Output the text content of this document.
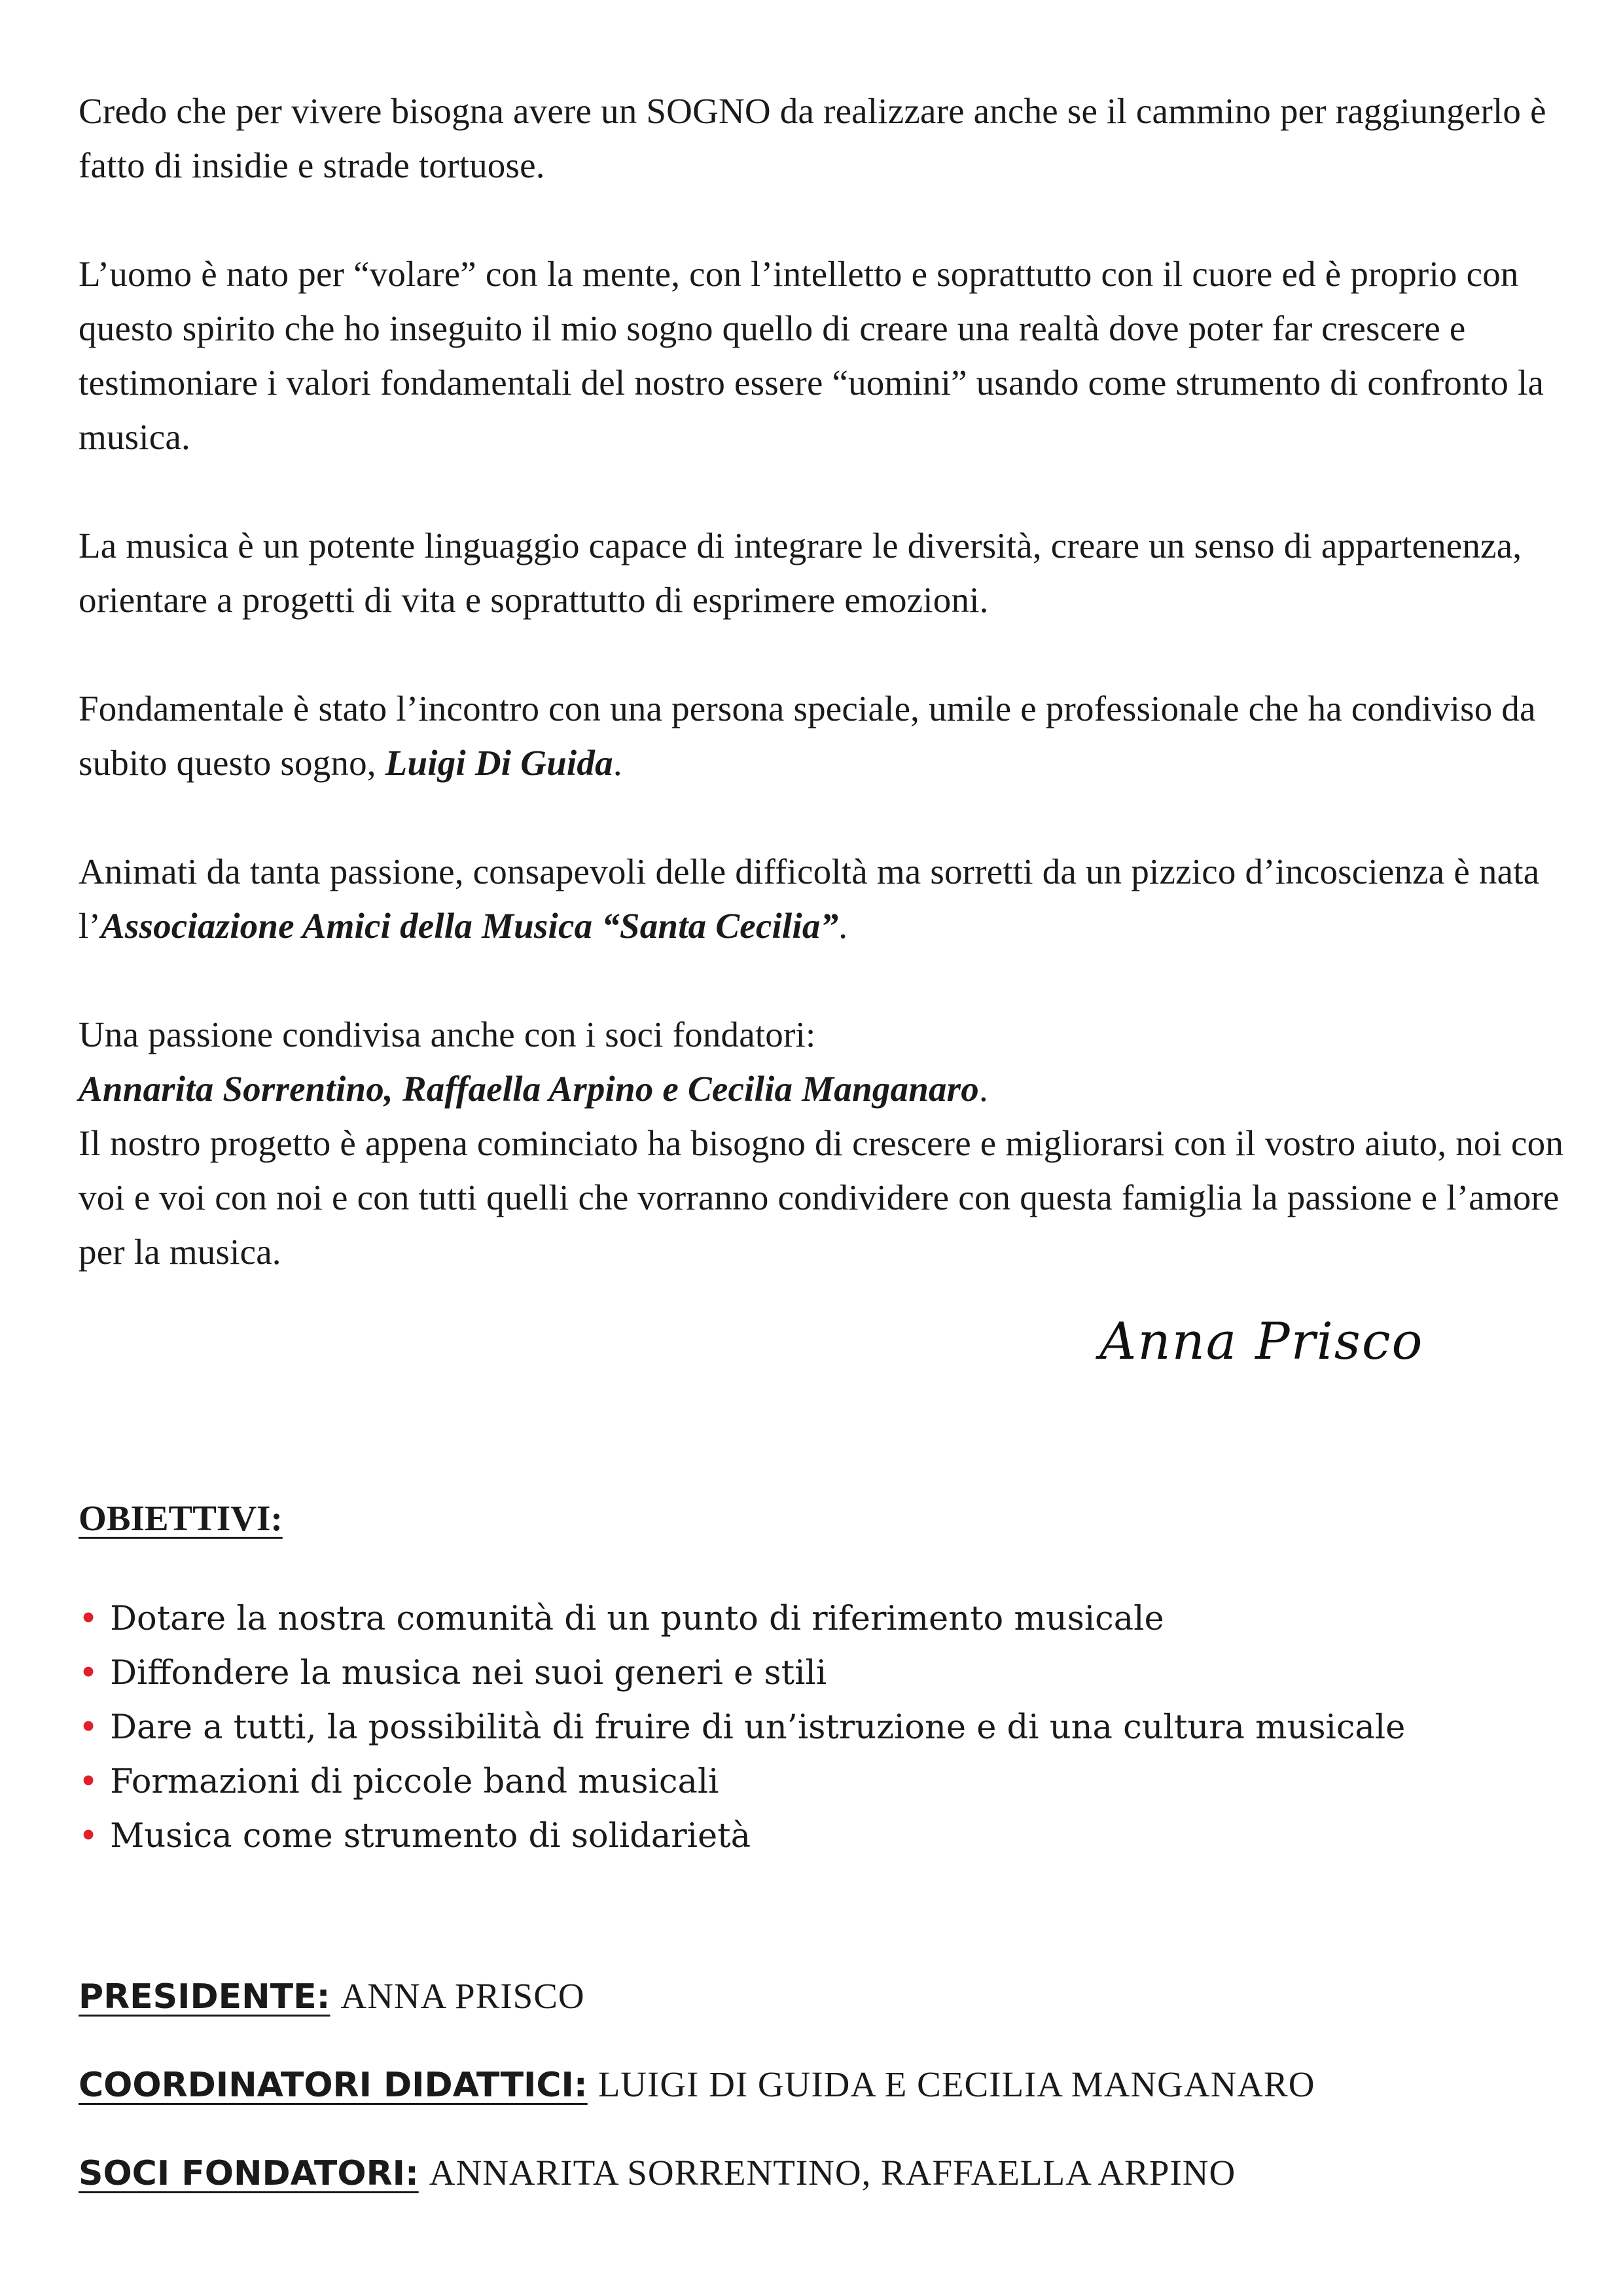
Credo che per vivere bisogna avere un SOGNO da realizzare anche se il cammino per raggiungerlo è fatto di insidie e strade tortuose.

L’uomo è nato per “volare” con la mente, con l’intelletto e soprattutto con il cuore ed è proprio con questo spirito che ho inseguito il mio sogno quello di creare una realtà dove poter far crescere e testimoniare i valori fondamentali del nostro essere “uomini” usando come strumento di confronto la musica.

La musica è un potente linguaggio capace di integrare le diversità, creare un senso di appartenenza, orientare a progetti di vita e soprattutto di esprimere emozioni.

Fondamentale è stato l’incontro con una persona speciale, umile e professionale che ha condiviso da subito questo sogno, Luigi Di Guida.

Animati da tanta passione, consapevoli delle difficoltà ma sorretti da un pizzico d’incoscienza è nata l’Associazione Amici della Musica “Santa Cecilia”.

Una passione condivisa anche con i soci fondatori:

Annarita Sorrentino, Raffaella Arpino e Cecilia Manganaro.

Il nostro progetto è appena cominciato ha bisogno di crescere e migliorarsi con il vostro aiuto, noi con voi e voi con noi e con tutti quelli che vorranno condividere con questa famiglia la passione e l’amore per la musica.

Anna Prisco
OBIETTIVI:
• Dotare la nostra comunità di un punto di riferimento musicale
• Diffondere la musica nei suoi generi e stili
• Dare a tutti, la possibilità di fruire di un’istruzione e di una cultura musicale
• Formazioni di piccole band musicali
• Musica come strumento di solidarietà
PRESIDENTE: ANNA PRISCO
COORDINATORI DIDATTICI: LUIGI DI GUIDA E CECILIA MANGANARO
SOCI FONDATORI: ANNARITA SORRENTINO, RAFFAELLA ARPINO
